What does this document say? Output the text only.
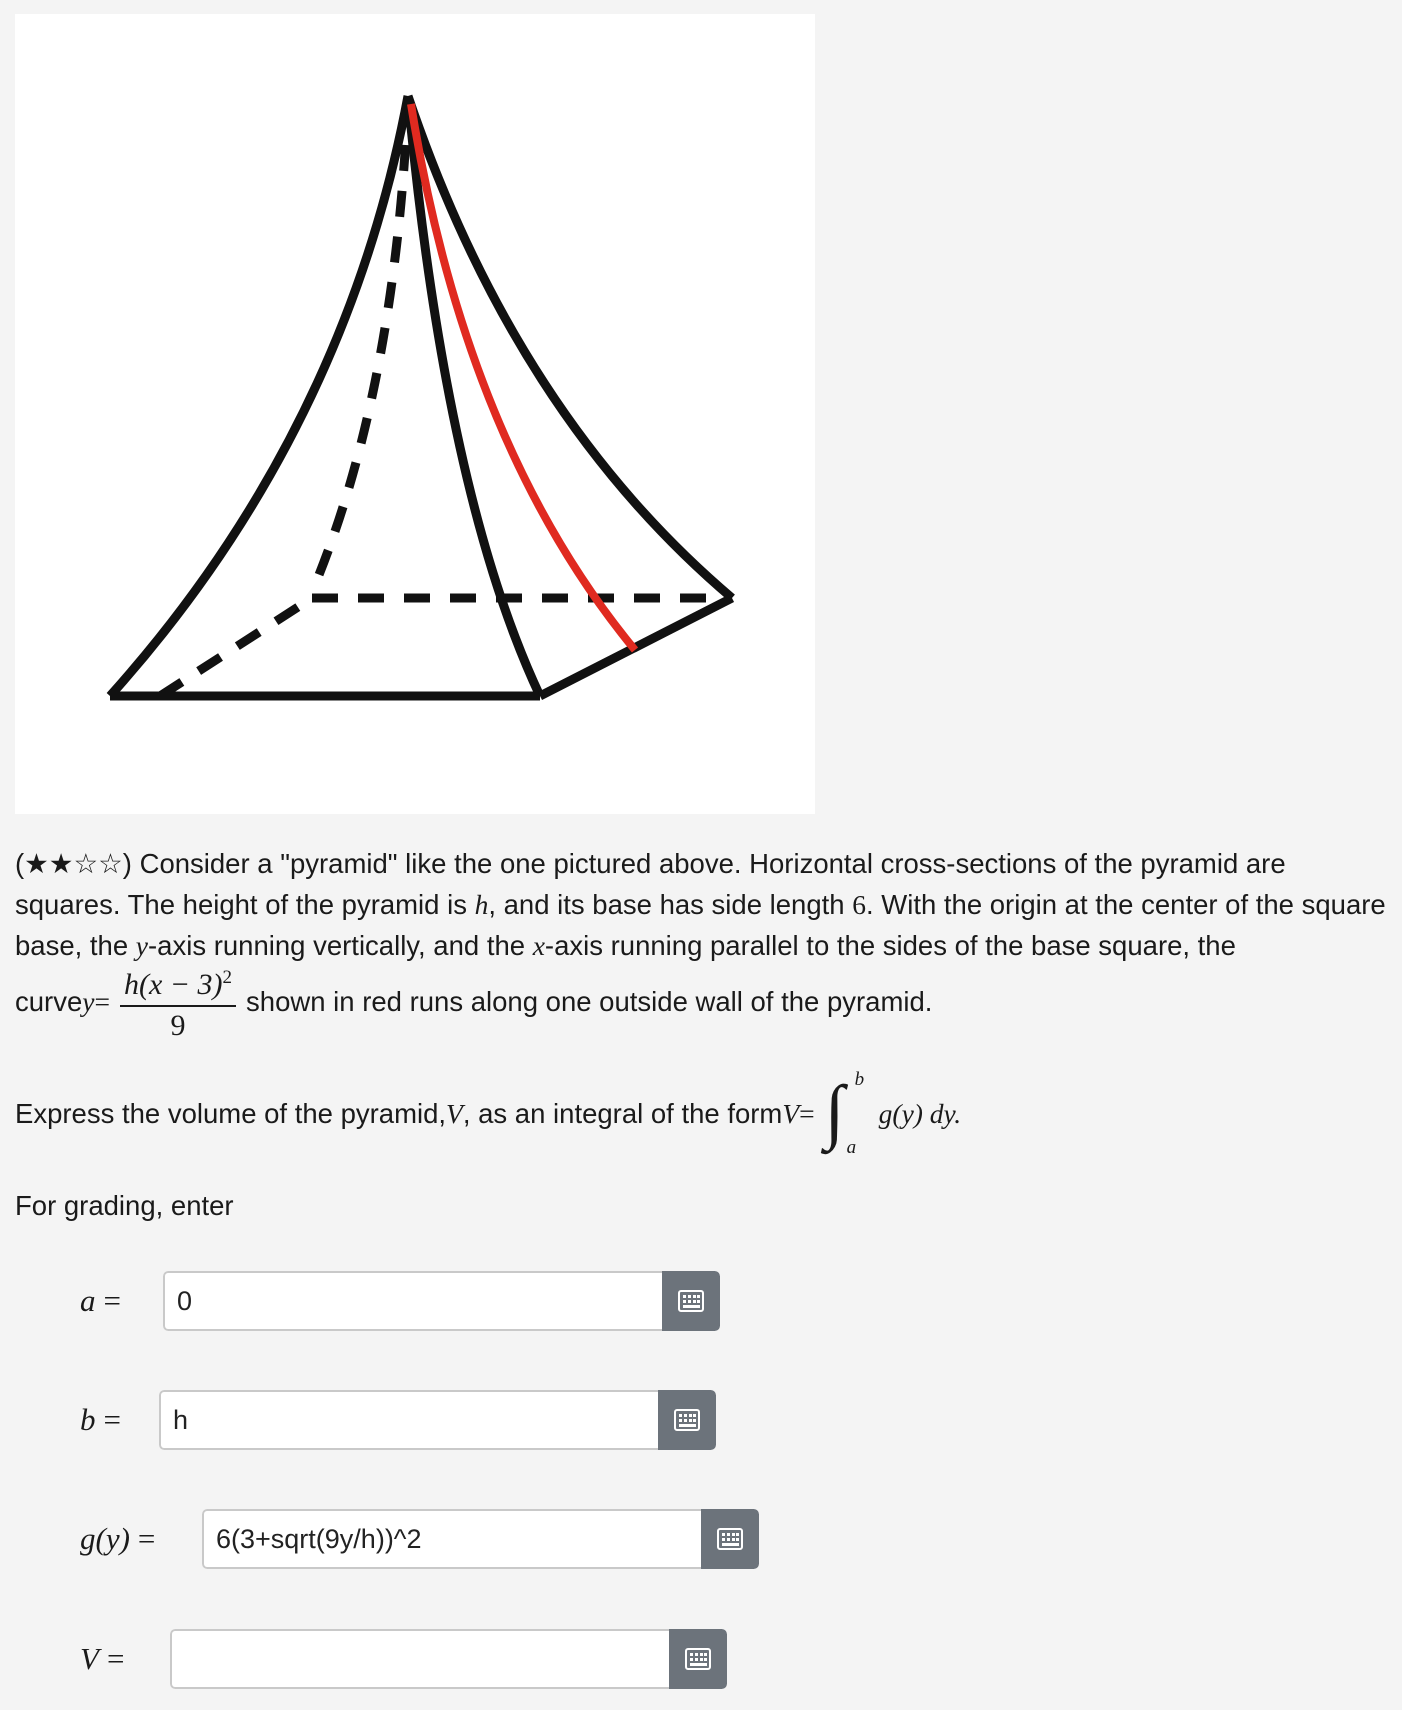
(★★☆☆) Consider a "pyramid" like the one pictured above. Horizontal cross-sections of the pyramid are squares. The height of the pyramid is h, and its base has side length 6. With the origin at the center of the square base, the y-axis running vertically, and the x-axis running parallel to the sides of the base square, the

curve $y = \frac{h(x - 3)^2}{9}$ shown in red runs along one outside wall of the pyramid.
Express the volume of the pyramid, V , as an integral of the form V = ∫ b
a
g(y) dy.
For grading, enter
a =
0
b =
h
g(y) =
6(3+sqrt(9y/h))^2
V =
